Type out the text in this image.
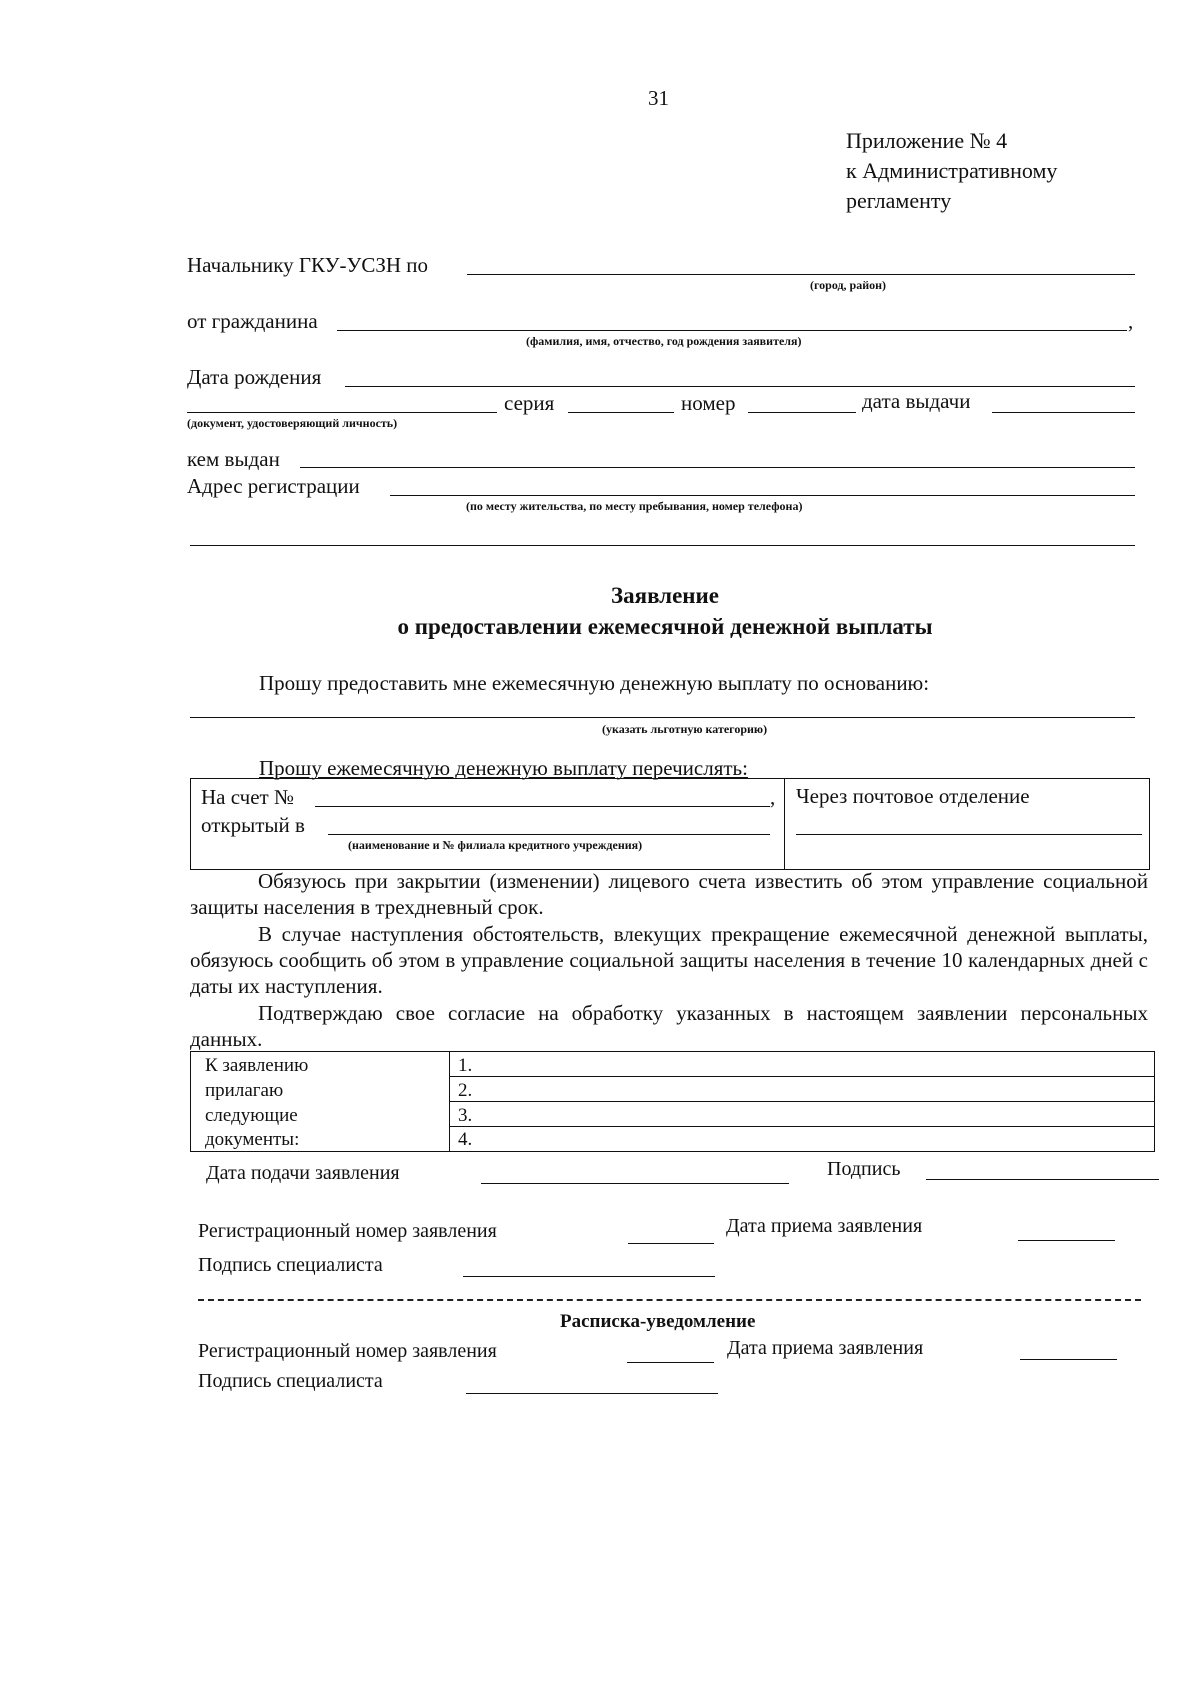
31
Приложение № 4
к Административному
регламенту
Начальнику ГКУ-УСЗН по
(город, район)
от гражданина	,
(фамилия, имя, отчество, год рождения заявителя)
Дата рождения
(документ, удостоверяющий личность)
серия	номер	дата выдачи
кем выдан
Адрес регистрации
(по месту жительства, по месту пребывания, номер телефона)
Заявление
о предоставлении ежемесячной денежной выплаты
Прошу предоставить мне ежемесячную денежную выплату по основанию:
(указать льготную категорию)
Прошу ежемесячную денежную выплату перечислять:
На счет №	,
открытый в
(наименование и № филиала кредитного учреждения)
Через почтовое отделение
Обязуюсь при закрытии (изменении) лицевого счета известить об этом управление социальной защиты населения в трехдневный срок.
В случае наступления обстоятельств, влекущих прекращение ежемесячной денежной выплаты, обязуюсь сообщить об этом в управление социальной защиты населения в течение 10 календарных дней с даты их наступления.
Подтверждаю свое согласие на обработку указанных в настоящем заявлении персональных данных.
К заявлению
прилагаю
следующие
документы:
1.
2.
3.
4.
Дата подачи заявления	Подпись
Регистрационный номер заявления	Дата приема заявления
Подпись специалиста
Расписка-уведомление
Регистрационный номер заявления	Дата приема заявления
Подпись специалиста
